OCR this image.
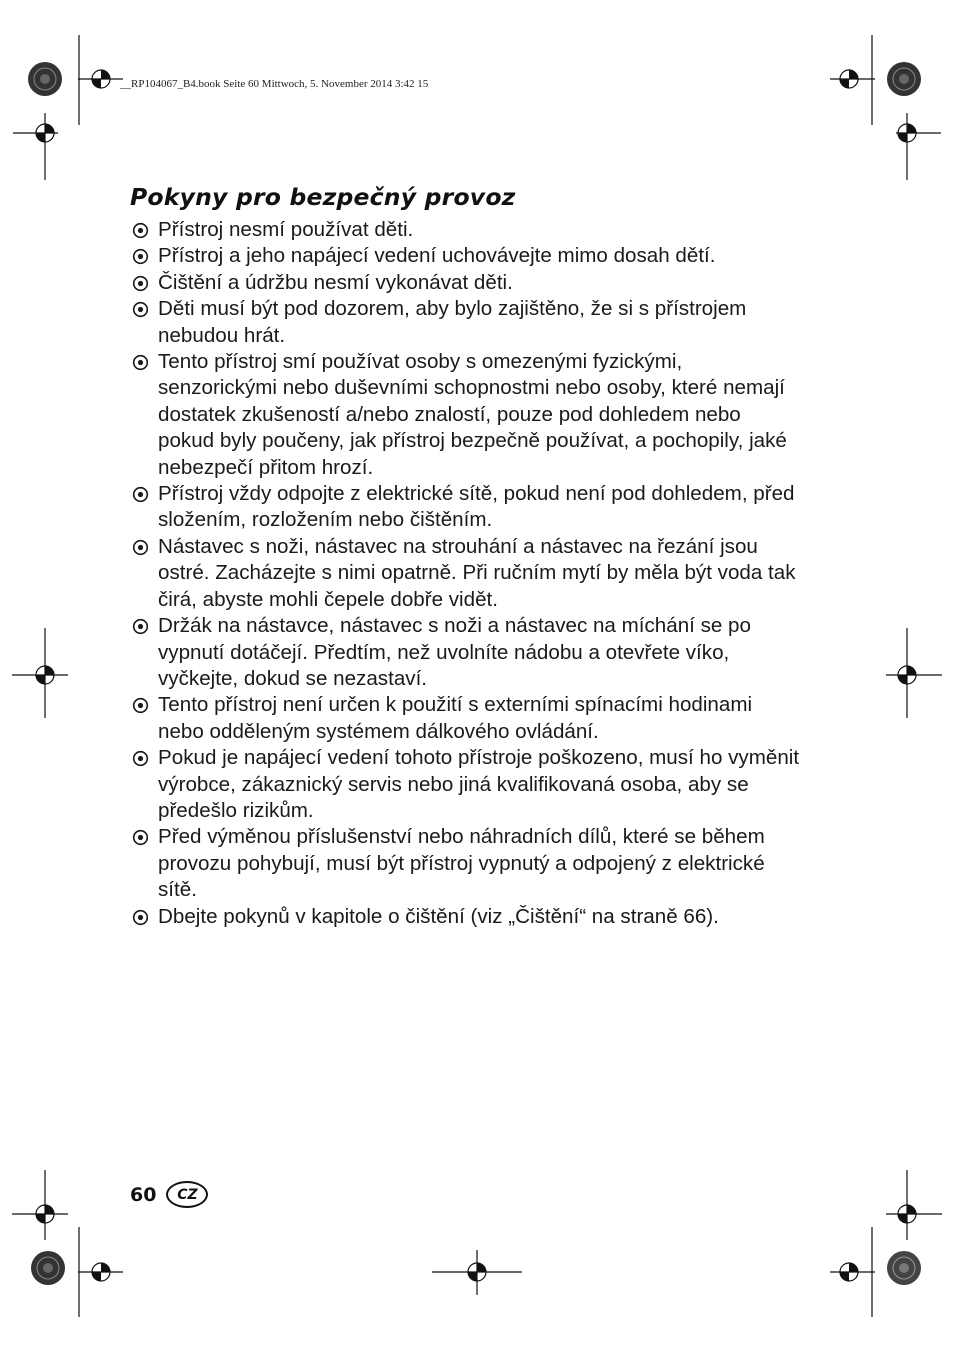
__RP104067_B4.book Seite 60 Mittwoch, 5. November 2014 3:42 15
Pokyny pro bezpečný provoz
Přístroj nesmí používat děti.
Přístroj a jeho napájecí vedení uchovávejte mimo dosah dětí.
Čištění a údržbu nesmí vykonávat děti.
Děti musí být pod dozorem, aby bylo zajištěno, že si s přístrojem nebudou hrát.
Tento přístroj smí používat osoby s omezenými fyzickými, senzorickými nebo duševními schopnostmi nebo osoby, které nemají dostatek zkušeností a/nebo znalostí, pouze pod dohledem nebo pokud byly poučeny, jak přístroj bezpečně používat, a pochopily, jaké nebezpečí přitom hrozí.
Přístroj vždy odpojte z elektrické sítě, pokud není pod dohledem, před složením, rozložením nebo čištěním.
Nástavec s noži, nástavec na strouhání a nástavec na řezání jsou ostré. Zacházejte s nimi opatrně. Při ručním mytí by měla být voda tak čirá, abyste mohli čepele dobře vidět.
Držák na nástavce, nástavec s noži a nástavec na míchání se po vypnutí dotáčejí. Předtím, než uvolníte nádobu a otevřete víko, vyčkejte, dokud se nezastaví.
Tento přístroj není určen k použití s externími spínacími hodinami nebo odděleným systémem dálkového ovládání.
Pokud je napájecí vedení tohoto přístroje poškozeno, musí ho vyměnit výrobce, zákaznický servis nebo jiná kvalifikovaná osoba, aby se předešlo rizikům.
Před výměnou příslušenství nebo náhradních dílů, které se během provozu pohybují, musí být přístroj vypnutý a odpojený z elektrické sítě.
Dbejte pokynů v kapitole o čištění (viz „Čištění“ na straně 66).
60	CZ
